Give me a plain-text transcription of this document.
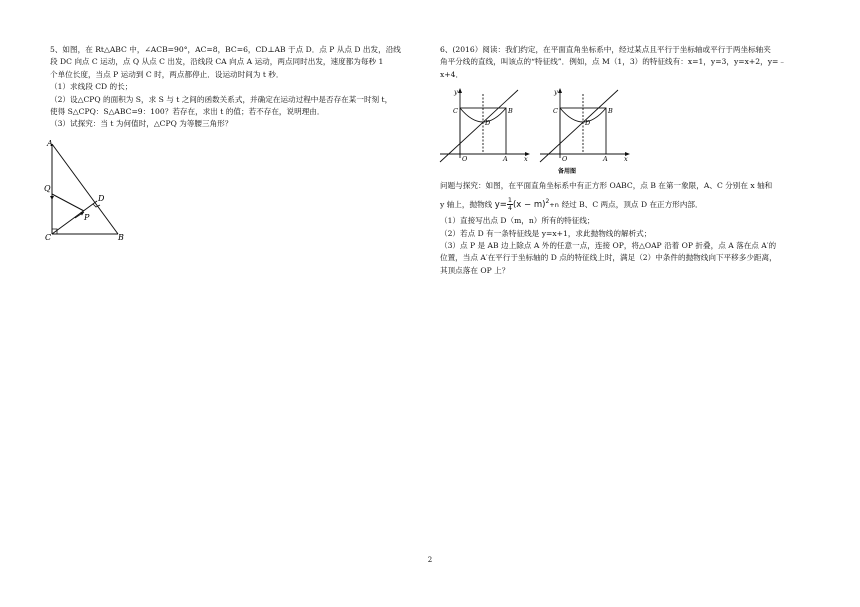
5、如图，在 Rt△ABC 中，∠ACB=90°，AC=8，BC=6，CD⊥AB 于点 D．点 P 从点 D 出发，沿线

段 DC 向点 C 运动，点 Q 从点 C 出发，沿线段 CA 向点 A 运动，两点同时出发，速度都为每秒 1

个单位长度，当点 P 运动到 C 时，两点都停止．设运动时间为 t 秒．

（1）求线段 CD 的长；

（2）设△CPQ 的面积为 S，求 S 与 t 之间的函数关系式，并确定在运动过程中是否存在某一时刻 t，

使得 S△CPQ：S△ABC=9：100？若存在，求出 t 的值；若不存在，说明理由．

（3）试探究：当 t 为何值时，△CPQ 为等腰三角形？

A
Q
D
P
C	B

6、(2016）阅读：我们约定，在平面直角坐标系中，经过某点且平行于坐标轴或平行于两坐标轴夹

角平分线的直线，叫该点的“特征线”．例如，点 M（1，3）的特征线有：x=1，y=3，y=x+2，y=﹣

x+4．

y
C
D
B
O	A	x
y
C
D
B
O	A	x
备用图

问题与探究：如图，在平面直角坐标系中有正方形 OABC，点 B 在第一象限，A、C 分别在 x 轴和

y 轴上，抛物线 $y= \frac{1}{4} (x - m)^2+n$ 经过 B、C 两点，顶点 D 在正方形内部．

（1）直接写出点 D（m，n）所有的特征线；

（2）若点 D 有一条特征线是 y=x+1，求此抛物线的解析式；

（3）点 P 是 AB 边上除点 A 外的任意一点，连接 OP，将△OAP 沿着 OP 折叠，点 A 落在点 A′的

位置，当点 A′在平行于坐标轴的 D 点的特征线上时，满足（2）中条件的抛物线向下平移多少距离，

其顶点落在 OP 上？

2
